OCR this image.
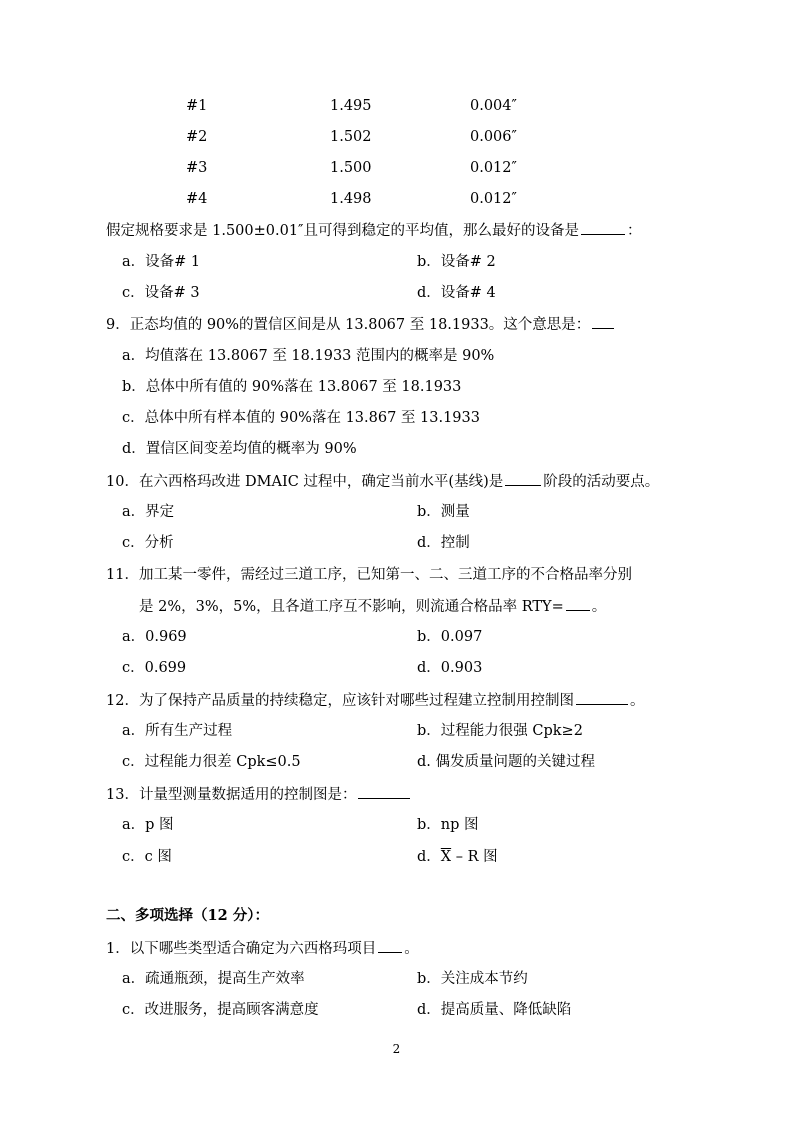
#1	1.495	0.004″
#2	1.502	0.006″
#3	1.500	0.012″
#4	1.498	0.012″
假定规格要求是 1.500±0.01″且可得到稳定的平均值，那么最好的设备是	：
a．设备# 1	b．设备# 2
c．设备# 3	d．设备# 4
9．正态均值的 90%的置信区间是从 13.8067 至 18.1933。这个意思是：
a．均值落在 13.8067 至 18.1933 范围内的概率是 90%
b．总体中所有值的 90%落在 13.8067 至 18.1933
c．总体中所有样本值的 90%落在 13.867 至 13.1933
d．置信区间变差均值的概率为 90%
10．在六西格玛改进 DMAIC 过程中，确定当前水平(基线)是	阶段的活动要点。
a．界定	b．测量
c．分析	d．控制
11．加工某一零件，需经过三道工序，已知第一、二、三道工序的不合格品率分别
是 2%，3%，5%，且各道工序互不影响，则流通合格品率 RTY= 。
a．0.969	b．0.097
c．0.699	d．0.903
12．为了保持产品质量的持续稳定，应该针对哪些过程建立控制用控制图	。
a．所有生产过程	b．过程能力很强 Cpk≥2
c．过程能力很差 Cpk≤0.5	d. 偶发质量问题的关键过程
13．计量型测量数据适用的控制图是：
a．p 图	b．np 图
c．c 图	d．$\overline{X}$ – R 图
二、多项选择（12 分）：
1．以下哪些类型适合确定为六西格玛项目 。
a．疏通瓶颈，提高生产效率	b．关注成本节约
c．改进服务，提高顾客满意度	d．提高质量、降低缺陷
2
